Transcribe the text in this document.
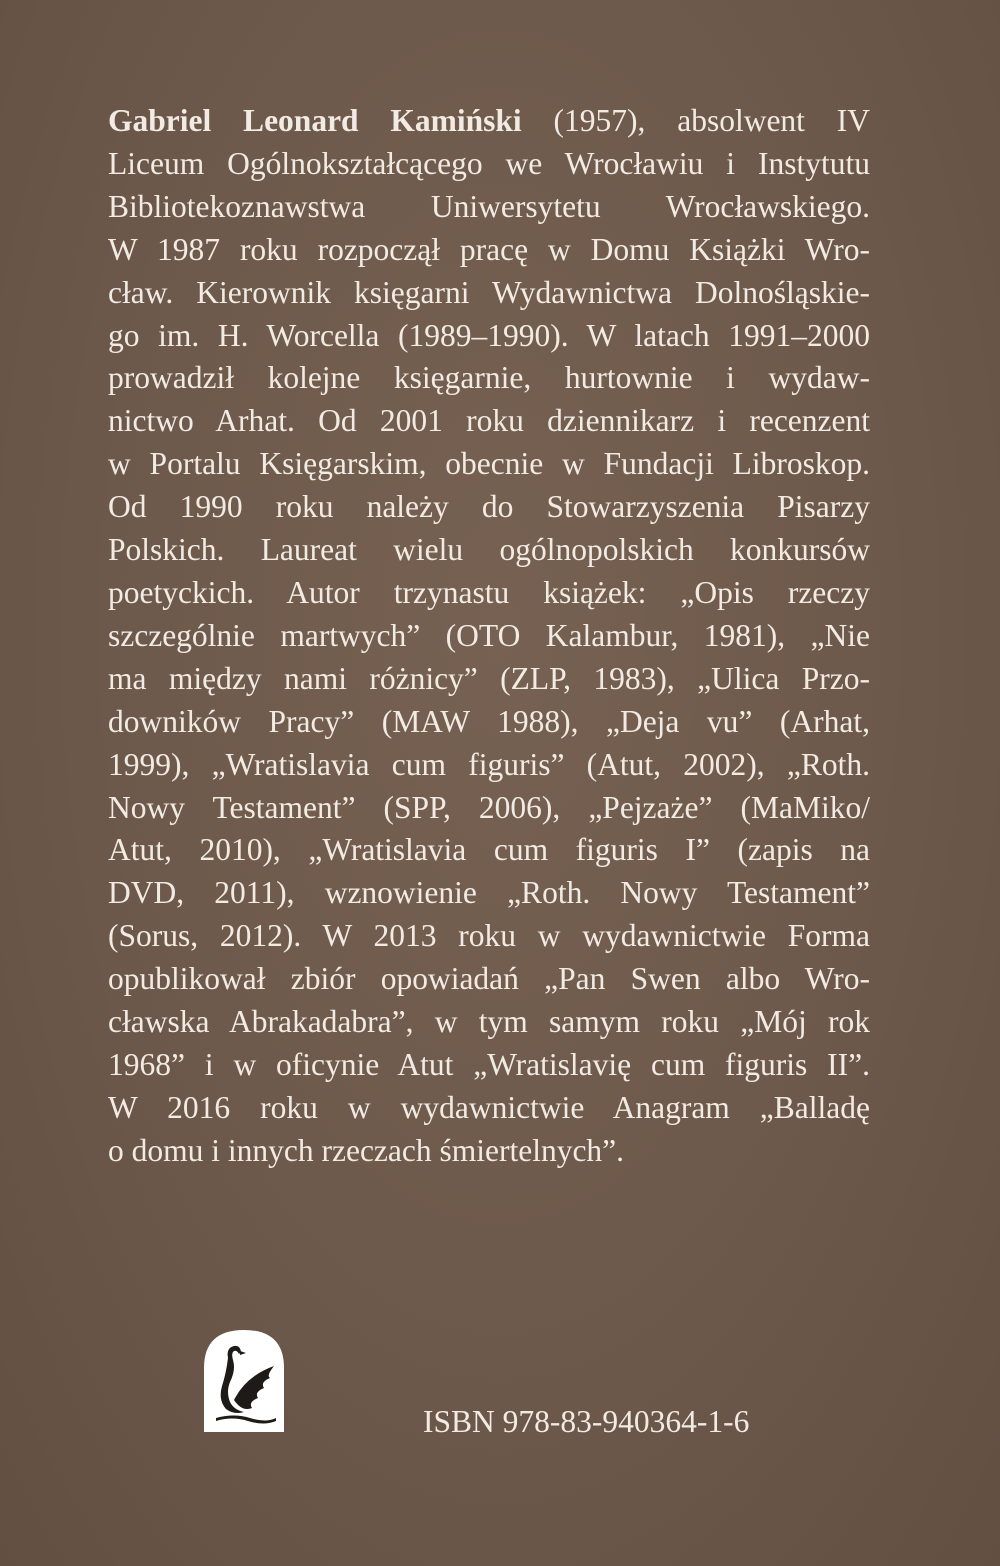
Gabriel Leonard Kamiński (1957), absolwent IV
Liceum Ogólnokształcącego we Wrocławiu i Instytutu
Bibliotekoznawstwa Uniwersytetu Wrocławskiego.
W 1987 roku rozpoczął pracę w Domu Książki Wro-
cław. Kierownik księgarni Wydawnictwa Dolnośląskie-
go im. H. Worcella (1989–1990). W latach 1991–2000
prowadził kolejne księgarnie, hurtownie i wydaw-
nictwo Arhat. Od 2001 roku dziennikarz i recenzent
w Portalu Księgarskim, obecnie w Fundacji Libroskop.
Od 1990 roku należy do Stowarzyszenia Pisarzy
Polskich. Laureat wielu ogólnopolskich konkursów
poetyckich. Autor trzynastu książek: „Opis rzeczy
szczególnie martwych” (OTO Kalambur, 1981), „Nie
ma między nami różnicy” (ZLP, 1983), „Ulica Przo-
downików Pracy” (MAW 1988), „Deja vu” (Arhat,
1999), „Wratislavia cum figuris” (Atut, 2002), „Roth.
Nowy Testament” (SPP, 2006), „Pejzaże” (MaMiko/
Atut, 2010), „Wratislavia cum figuris I” (zapis na
DVD, 2011), wznowienie „Roth. Nowy Testament”
(Sorus, 2012). W 2013 roku w wydawnictwie Forma
opublikował zbiór opowiadań „Pan Swen albo Wro-
cławska Abrakadabra”, w tym samym roku „Mój rok
1968” i w oficynie Atut „Wratislavię cum figuris II”.
W 2016 roku w wydawnictwie Anagram „Balladę
o domu i innych rzeczach śmiertelnych”.

ISBN 978-83-940364-1-6
